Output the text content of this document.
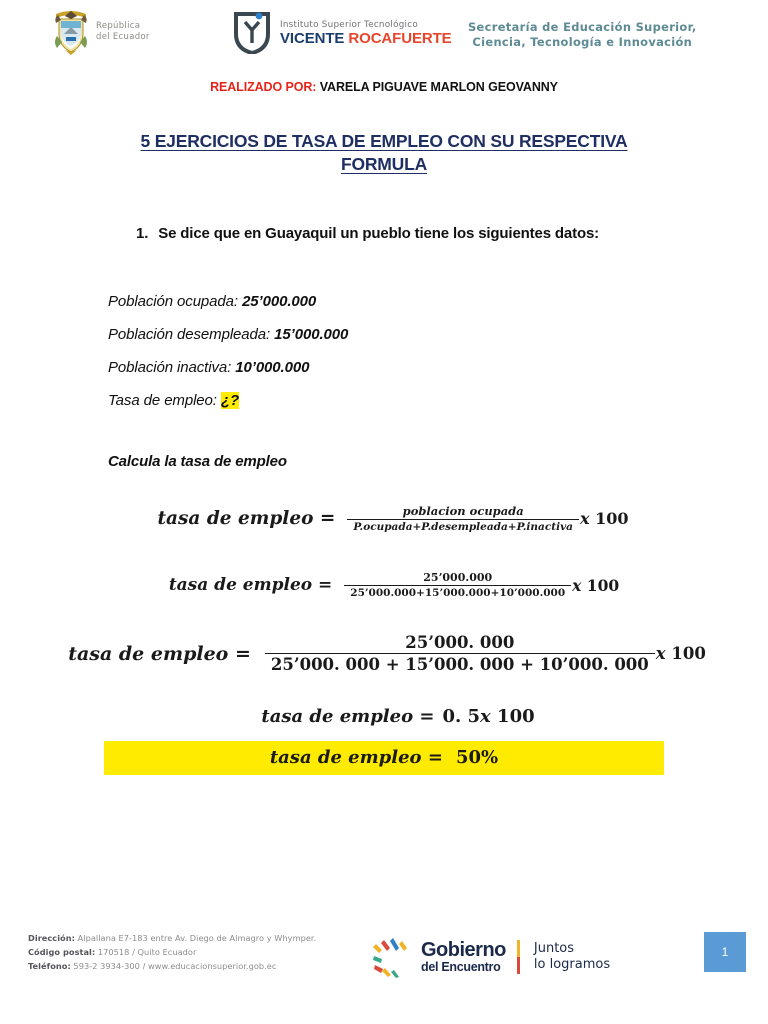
República
del Ecuador
Instituto Superior Tecnológico
VICENTE ROCAFUERTE
Secretaría de Educación Superior,
Ciencia, Tecnología e Innovación
REALIZADO POR: VARELA PIGUAVE MARLON GEOVANNY
5 EJERCICIOS DE TASA DE EMPLEO CON SU RESPECTIVA FORMULA
1. Se dice que en Guayaquil un pueblo tiene los siguientes datos:
Población ocupada: 25’000.000
Población desempleada: 15’000.000
Población inactiva: 10’000.000
Tasa de empleo: ¿?
Calcula la tasa de empleo
tasa de empleo = $\frac{\text{poblacion ocupada}}{\text{P.ocupada+P.desempleada+P.inactiva}}$ x 100
tasa de empleo = $\frac{25’000.000}{25’000.000+15’000.000+10’000.000}$ x 100
tasa de empleo = $\frac{25’000. 000}{25’000. 000 + 15’000. 000 + 10’000. 000}$ x 100
tasa de empleo = 0. 5x 100
tasa de empleo = 50%
Dirección: Alpallana E7-183 entre Av. Diego de Almagro y Whymper.
Código postal: 170518 / Quito Ecuador
Teléfono: 593-2 3934-300 / www.educacionsuperior.gob.ec
Gobierno
del Encuentro
Juntos
lo logramos
1
